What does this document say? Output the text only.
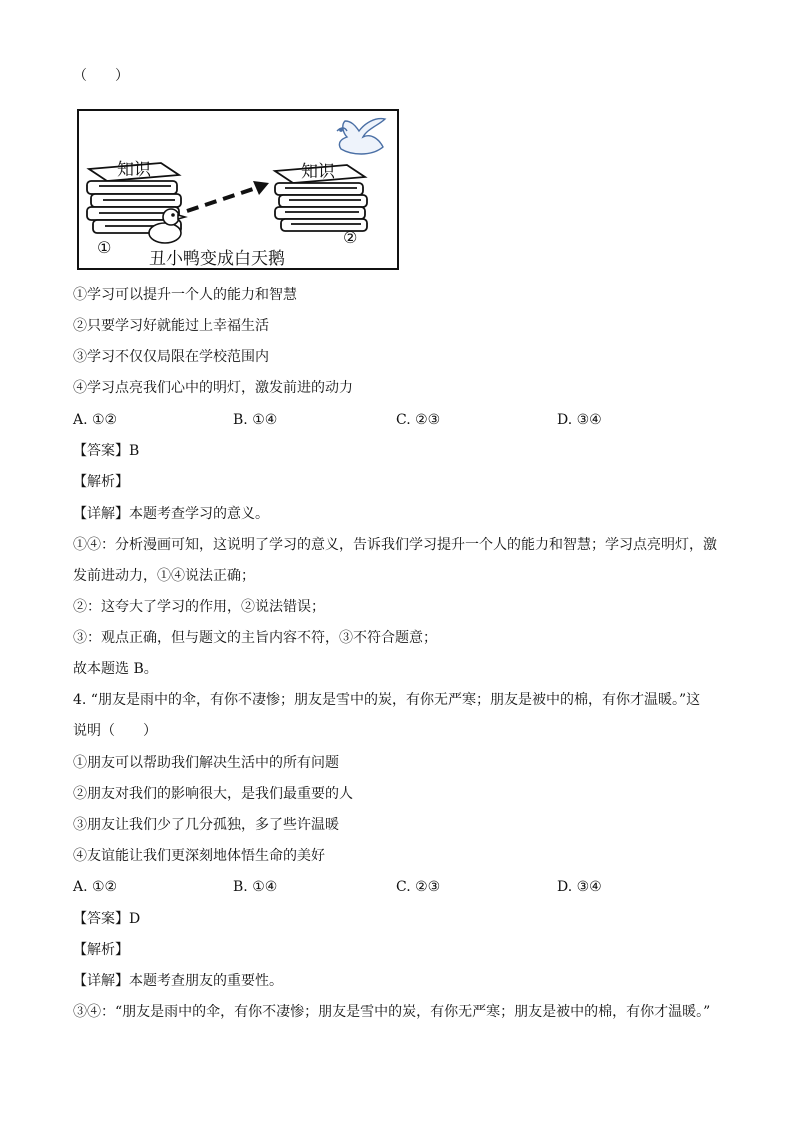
（　　）
知识
①
知识
②
丑小鸭变成白天鹅
①学习可以提升一个人的能力和智慧
②只要学习好就能过上幸福生活
③学习不仅仅局限在学校范围内
④学习点亮我们心中的明灯，激发前进的动力
A. ①②	B. ①④	C. ②③	D. ③④
【答案】B
【解析】
【详解】本题考查学习的意义。
①④：分析漫画可知，这说明了学习的意义，告诉我们学习提升一个人的能力和智慧；学习点亮明灯，激
发前进动力，①④说法正确；
②：这夸大了学习的作用，②说法错误；
③：观点正确，但与题文的主旨内容不符，③不符合题意；
故本题选 B。
4. “朋友是雨中的伞，有你不凄惨；朋友是雪中的炭，有你无严寒；朋友是被中的棉，有你才温暖。”这
说明（　　）
①朋友可以帮助我们解决生活中的所有问题
②朋友对我们的影响很大，是我们最重要的人
③朋友让我们少了几分孤独，多了些许温暖
④友谊能让我们更深刻地体悟生命的美好
A. ①②	B. ①④	C. ②③	D. ③④
【答案】D
【解析】
【详解】本题考查朋友的重要性。
③④：“朋友是雨中的伞，有你不凄惨；朋友是雪中的炭，有你无严寒；朋友是被中的棉，有你才温暖。”
